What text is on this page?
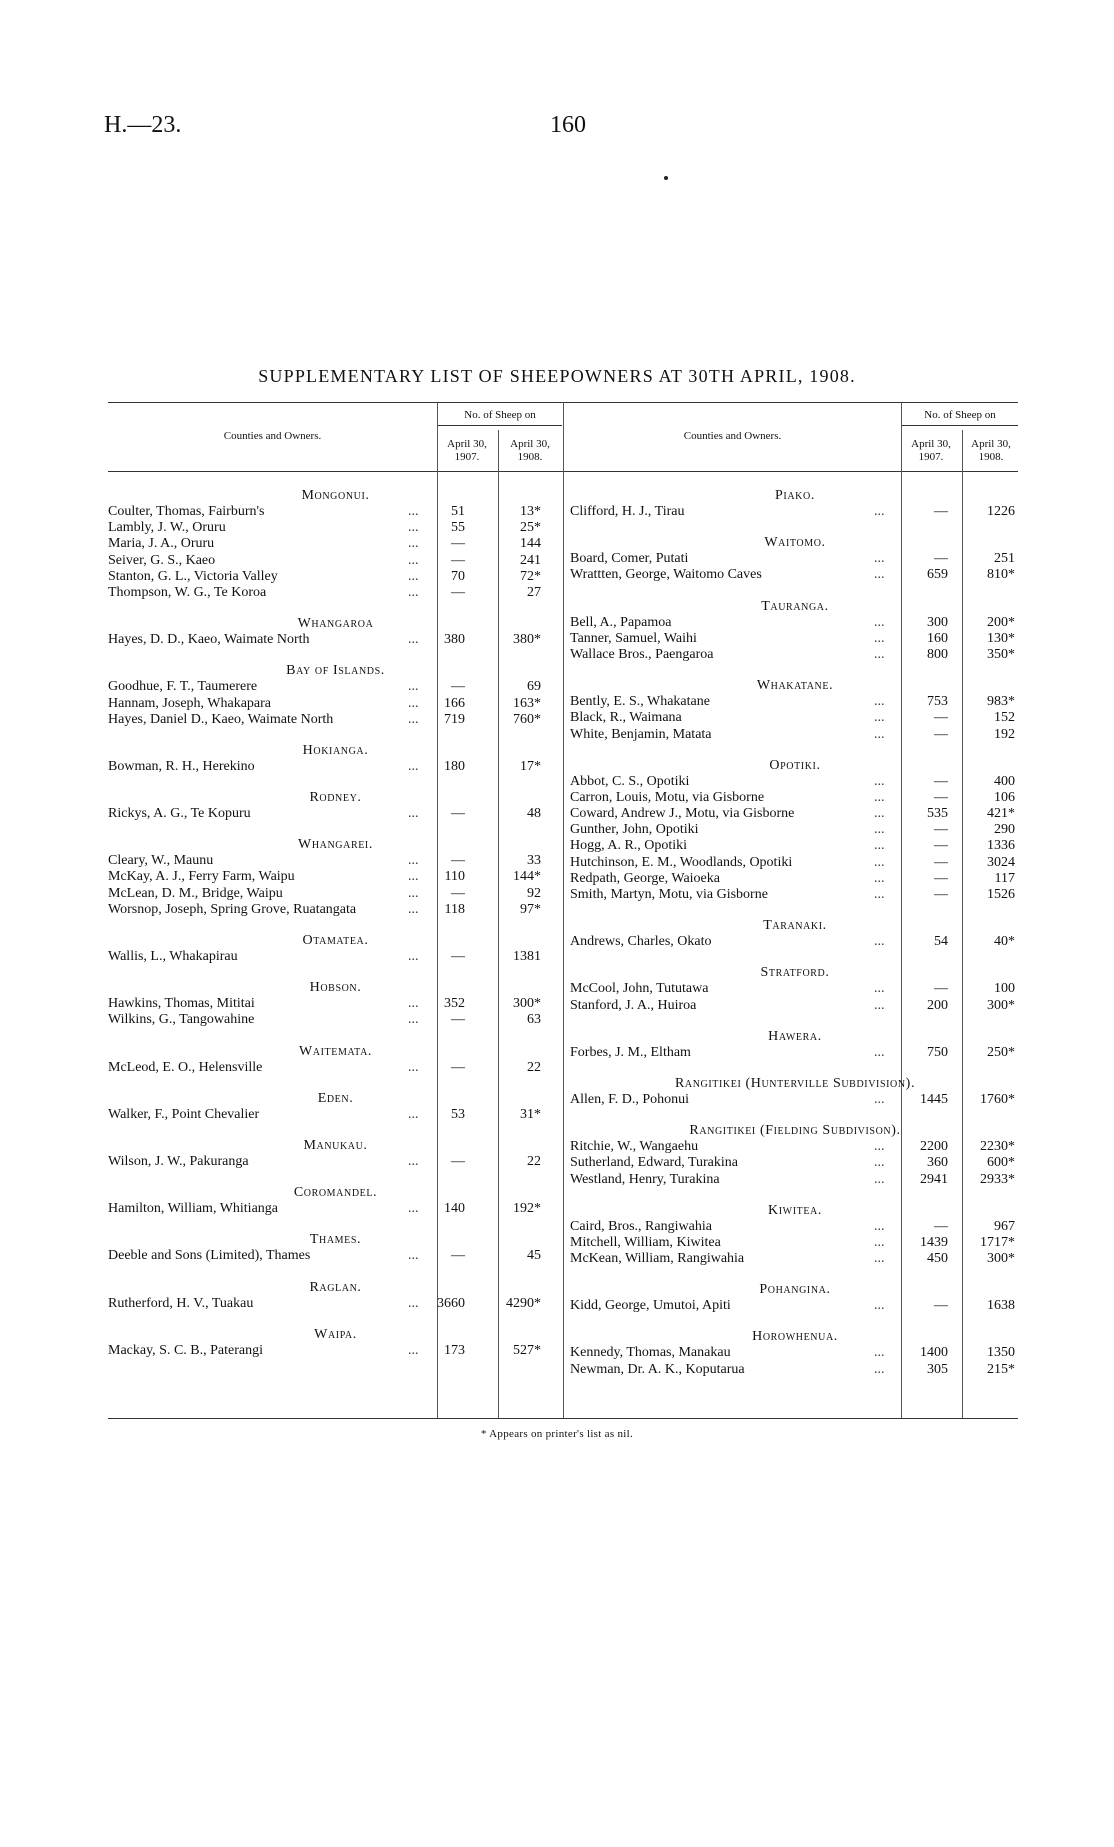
H.—23.	160
SUPPLEMENTARY LIST OF SHEEPOWNERS AT 30TH APRIL, 1908.
Counties and Owners.
No. of Sheep on
April 30, 1907.
April 30, 1908.
Counties and Owners.
No. of Sheep on
April 30, 1907.
April 30, 1908.
Mongonui.
Coulter, Thomas, Fairburn's	... 51	13*
Lambly, J. W., Oruru	... 55	25*
Maria, J. A., Oruru	... —	144
Seiver, G. S., Kaeo	... —	241
Stanton, G. L., Victoria Valley	... 70	72*
Thompson, W. G., Te Koroa	... —	27
Whangaroa
Hayes, D. D., Kaeo, Waimate North	... 380	380*
Bay of Islands.
Goodhue, F. T., Taumerere	... —	69
Hannam, Joseph, Whakapara	... 166	163*
Hayes, Daniel D., Kaeo, Waimate North	... 719	760*
Hokianga.
Bowman, R. H., Herekino	... 180	17*
Rodney.
Rickys, A. G., Te Kopuru	... —	48
Whangarei.
Cleary, W., Maunu	... —	33
McKay, A. J., Ferry Farm, Waipu	... 110	144*
McLean, D. M., Bridge, Waipu	... —	92
Worsnop, Joseph, Spring Grove, Ruatangata	... 118	97*
Otamatea.
Wallis, L., Whakapirau	... —	1381
Hobson.
Hawkins, Thomas, Mititai	... 352	300*
Wilkins, G., Tangowahine	... —	63
Waitemata.
McLeod, E. O., Helensville	... —	22
Eden.
Walker, F., Point Chevalier	... 53	31*
Manukau.
Wilson, J. W., Pakuranga	... —	22
Coromandel.
Hamilton, William, Whitianga	... 140	192*
Thames.
Deeble and Sons (Limited), Thames	... —	45
Raglan.
Rutherford, H. V., Tuakau	... 3660	4290*
Waipa.
Mackay, S. C. B., Paterangi	... 173	527*
Piako.
Clifford, H. J., Tirau	...	—	1226
Waitomo.
Board, Comer, Putati	...	—	251
Wrattten, George, Waitomo Caves	...	659	810*
Tauranga.
Bell, A., Papamoa	...	300	200*
Tanner, Samuel, Waihi	...	160	130*
Wallace Bros., Paengaroa	...	800	350*
Whakatane.
Bently, E. S., Whakatane	...	753	983*
Black, R., Waimana	...	—	152
White, Benjamin, Matata	...	—	192
Opotiki.
Abbot, C. S., Opotiki	...	—	400
Carron, Louis, Motu, via Gisborne	...	—	106
Coward, Andrew J., Motu, via Gisborne	...	535	421*
Gunther, John, Opotiki	...	—	290
Hogg, A. R., Opotiki	...	—	1336
Hutchinson, E. M., Woodlands, Opotiki	...	—	3024
Redpath, George, Waioeka	...	—	117
Smith, Martyn, Motu, via Gisborne	...	—	1526
Taranaki.
Andrews, Charles, Okato	...	54	40*
Stratford.
McCool, John, Tututawa	...	—	100
Stanford, J. A., Huiroa	...	200	300*
Hawera.
Forbes, J. M., Eltham	...	750	250*
Rangitikei (Hunterville Subdivision).
Allen, F. D., Pohonui	...	1445 1760*
Rangitikei (Fielding Subdivison).
Ritchie, W., Wangaehu	...	2200 2230*
Sutherland, Edward, Turakina	...	360	600*
Westland, Henry, Turakina	...	2941 2933*
Kiwitea.
Caird, Bros., Rangiwahia	...	—	967
Mitchell, William, Kiwitea	...	1439 1717*
McKean, William, Rangiwahia	...	450	300*
Pohangina.
Kidd, George, Umutoi, Apiti	...	—	1638
Horowhenua.
Kennedy, Thomas, Manakau	...	1400	1350
Newman, Dr. A. K., Koputarua	...	305	215*
* Appears on printer's list as nil.
